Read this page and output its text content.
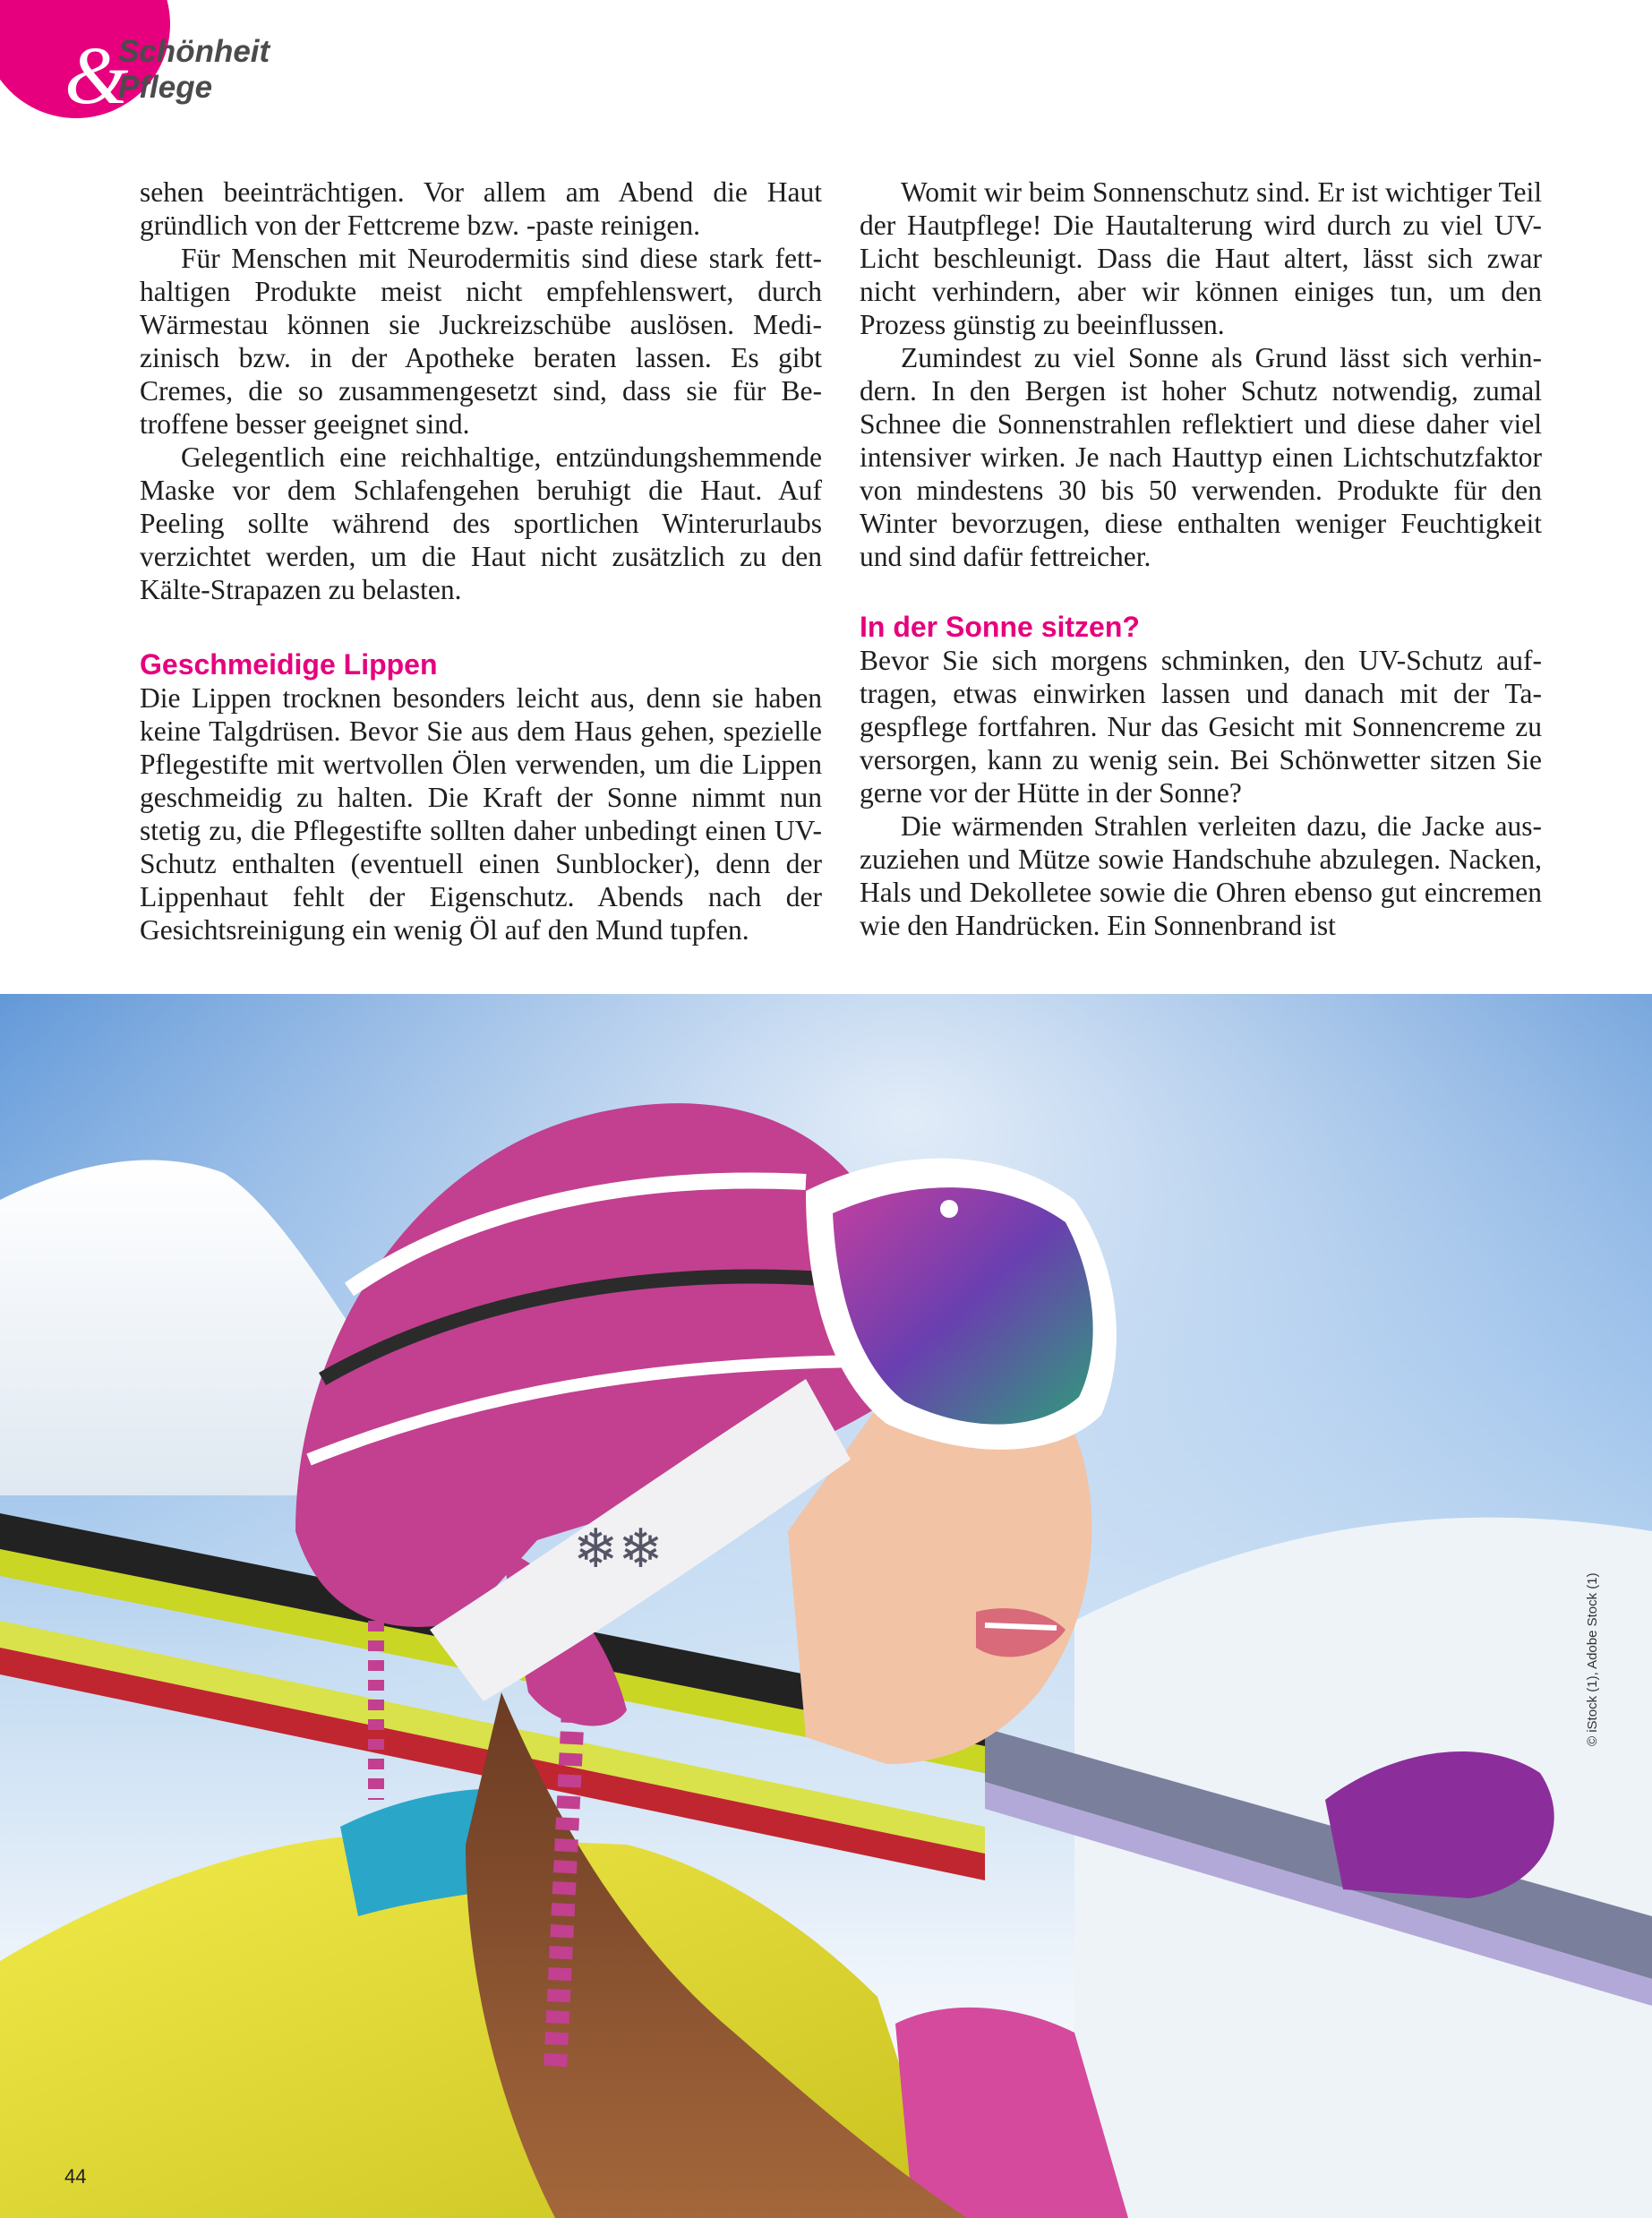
&
Schönheit
Pflege

sehen beeinträchtigen. Vor allem am Abend die Haut gründlich von der Fettcreme bzw. -paste reinigen.

Für Menschen mit Neurodermitis sind diese stark fetthaltigen Produkte meist nicht empfehlenswert, durch Wärmestau können sie Juckreizschübe auslösen. Medizinisch bzw. in der Apotheke beraten lassen. Es gibt Cremes, die so zusammengesetzt sind, dass sie für Betroffene besser geeignet sind.

Gelegentlich eine reichhaltige, entzündungshemmende Maske vor dem Schlafengehen beruhigt die Haut. Auf Peeling sollte während des sportlichen Winterurlaubs verzichtet werden, um die Haut nicht zusätzlich zu den Kälte-Strapazen zu belasten.

Geschmeidige Lippen

Die Lippen trocknen besonders leicht aus, denn sie haben keine Talgdrüsen. Bevor Sie aus dem Haus gehen, spezielle Pflegestifte mit wertvollen Ölen verwenden, um die Lippen geschmeidig zu halten. Die Kraft der Sonne nimmt nun stetig zu, die Pflegestifte sollten daher unbedingt einen UV-Schutz enthalten (eventuell einen Sunblocker), denn der Lippenhaut fehlt der Eigenschutz. Abends nach der Gesichtsreinigung ein wenig Öl auf den Mund tupfen.

Womit wir beim Sonnenschutz sind. Er ist wichtiger Teil der Hautpflege! Die Hautalterung wird durch zu viel UV-Licht beschleunigt. Dass die Haut altert, lässt sich zwar nicht verhindern, aber wir können einiges tun, um den Prozess günstig zu beeinflussen.

Zumindest zu viel Sonne als Grund lässt sich verhindern. In den Bergen ist hoher Schutz notwendig, zumal Schnee die Sonnenstrahlen reflektiert und diese daher viel intensiver wirken. Je nach Hauttyp einen Lichtschutzfaktor von mindestens 30 bis 50 verwenden. Produkte für den Winter bevorzugen, diese enthalten weniger Feuchtigkeit und sind dafür fettreicher.

In der Sonne sitzen?

Bevor Sie sich morgens schminken, den UV-Schutz auftragen, etwas einwirken lassen und danach mit der Tagespflege fortfahren. Nur das Gesicht mit Sonnencreme zu versorgen, kann zu wenig sein. Bei Schönwetter sitzen Sie gerne vor der Hütte in der Sonne?

Die wärmenden Strahlen verleiten dazu, die Jacke auszuziehen und Mütze sowie Handschuhe abzulegen. Nacken, Hals und Dekolletee sowie die Ohren ebenso gut eincremen wie den Handrücken. Ein Sonnenbrand ist

❄❄
© iStock (1), Adobe Stock (1)
44
